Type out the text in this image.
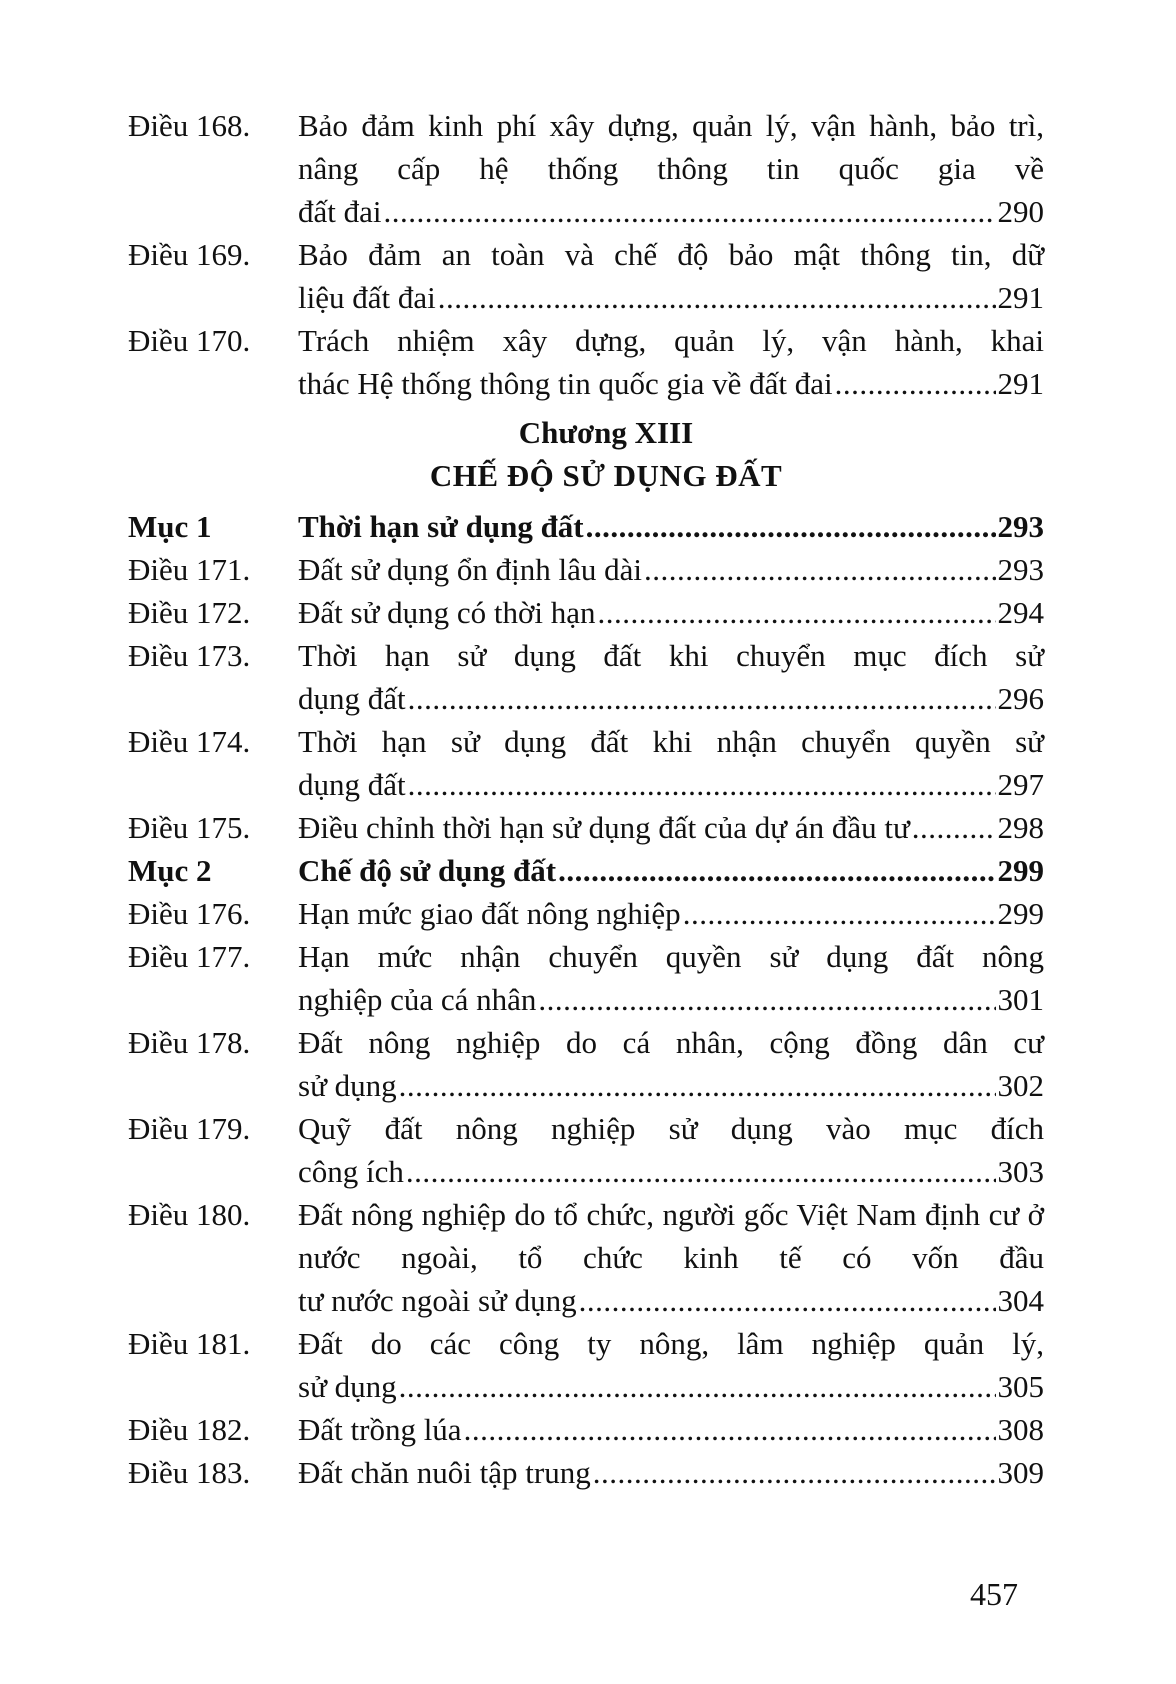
Điều 168.	Bảo đảm kinh phí xây dựng, quản lý, vận hành, bảo trì, nâng cấp hệ thống thông tin quốc gia về
đất đai .....	290
Điều 169.	Bảo đảm an toàn và chế độ bảo mật thông tin, dữ
liệu đất đai .....	291
Điều 170.	Trách nhiệm xây dựng, quản lý, vận hành, khai
thác Hệ thống thông tin quốc gia về đất đai .....	291
Chương XIII
CHẾ ĐỘ SỬ DỤNG ĐẤT
Mục 1	Thời hạn sử dụng đất .....	293
Điều 171.	Đất sử dụng ổn định lâu dài .....	293
Điều 172.	Đất sử dụng có thời hạn .....	294
Điều 173.	Thời hạn sử dụng đất khi chuyển mục đích sử
dụng đất .....	296
Điều 174.	Thời hạn sử dụng đất khi nhận chuyển quyền sử
dụng đất .....	297
Điều 175.	Điều chỉnh thời hạn sử dụng đất của dự án đầu tư .....	298
Mục 2	Chế độ sử dụng đất .....	299
Điều 176.	Hạn mức giao đất nông nghiệp .....	299
Điều 177.	Hạn mức nhận chuyển quyền sử dụng đất nông
nghiệp của cá nhân .....	301
Điều 178.	Đất nông nghiệp do cá nhân, cộng đồng dân cư
sử dụng .....	302
Điều 179.	Quỹ đất nông nghiệp sử dụng vào mục đích
công ích .....	303
Điều 180.	Đất nông nghiệp do tổ chức, người gốc Việt Nam định cư ở nước ngoài, tổ chức kinh tế có vốn đầu
tư nước ngoài sử dụng .....	304
Điều 181.	Đất do các công ty nông, lâm nghiệp quản lý,
sử dụng .....	305
Điều 182.	Đất trồng lúa .....	308
Điều 183.	Đất chăn nuôi tập trung .....	309
457
